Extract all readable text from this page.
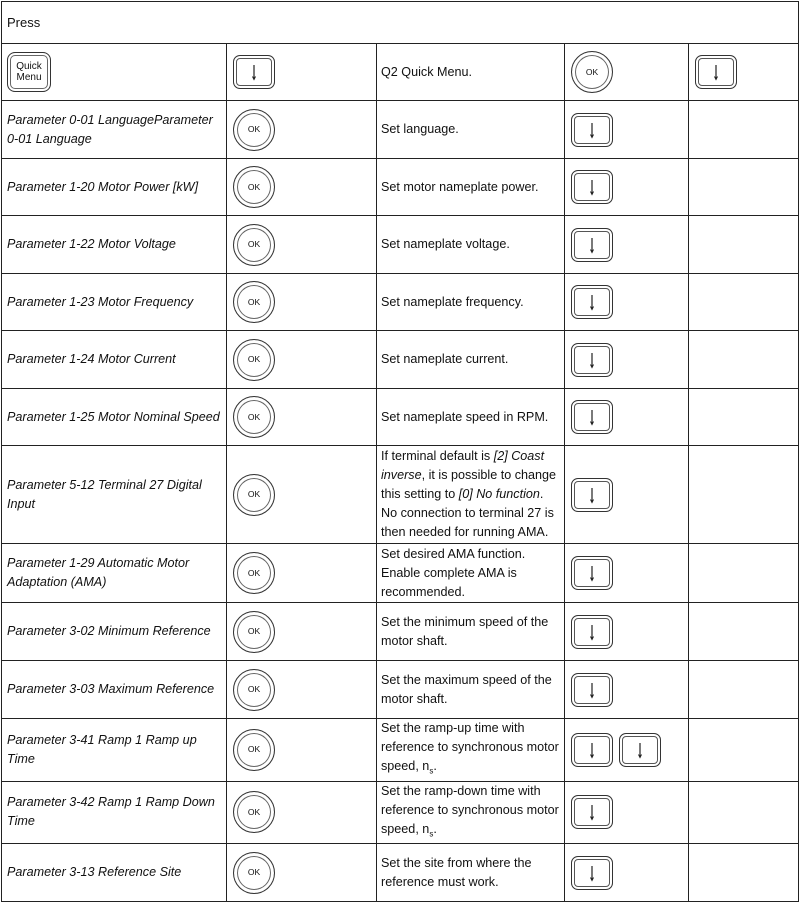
Press				

Quick
Menu		Q2 Quick Menu.	OK

Parameter 0-01 LanguageParameter 0-01 Language	OK	Set language.	

Parameter 1-20 Motor Power [kW]	OK	Set motor nameplate power.	

Parameter 1-22 Motor Voltage	OK	Set nameplate voltage.	

Parameter 1-23 Motor Frequency	OK	Set nameplate frequency.	

Parameter 1-24 Motor Current	OK	Set nameplate current.	

Parameter 1-25 Motor Nominal Speed	OK	Set nameplate speed in RPM.	

Parameter 5-12 Terminal 27 Digital Input	OK	If terminal default is [2] Coast inverse, it is possible to change this setting to [0] No function. No connection to terminal 27 is then needed for running AMA.	

Parameter 1-29 Automatic Motor Adaptation (AMA)	OK	Set desired AMA function. Enable complete AMA is recommended.	

Parameter 3-02 Minimum Reference	OK	Set the minimum speed of the motor shaft.	

Parameter 3-03 Maximum Reference	OK	Set the maximum speed of the motor shaft.	

Parameter 3-41 Ramp 1 Ramp up Time	OK	Set the ramp-up time with reference to synchronous motor speed, $n_s$.	

Parameter 3-42 Ramp 1 Ramp Down Time	OK	Set the ramp-down time with reference to synchronous motor speed, $n_s$.	

Parameter 3-13 Reference Site	OK	Set the site from where the reference must work.	
